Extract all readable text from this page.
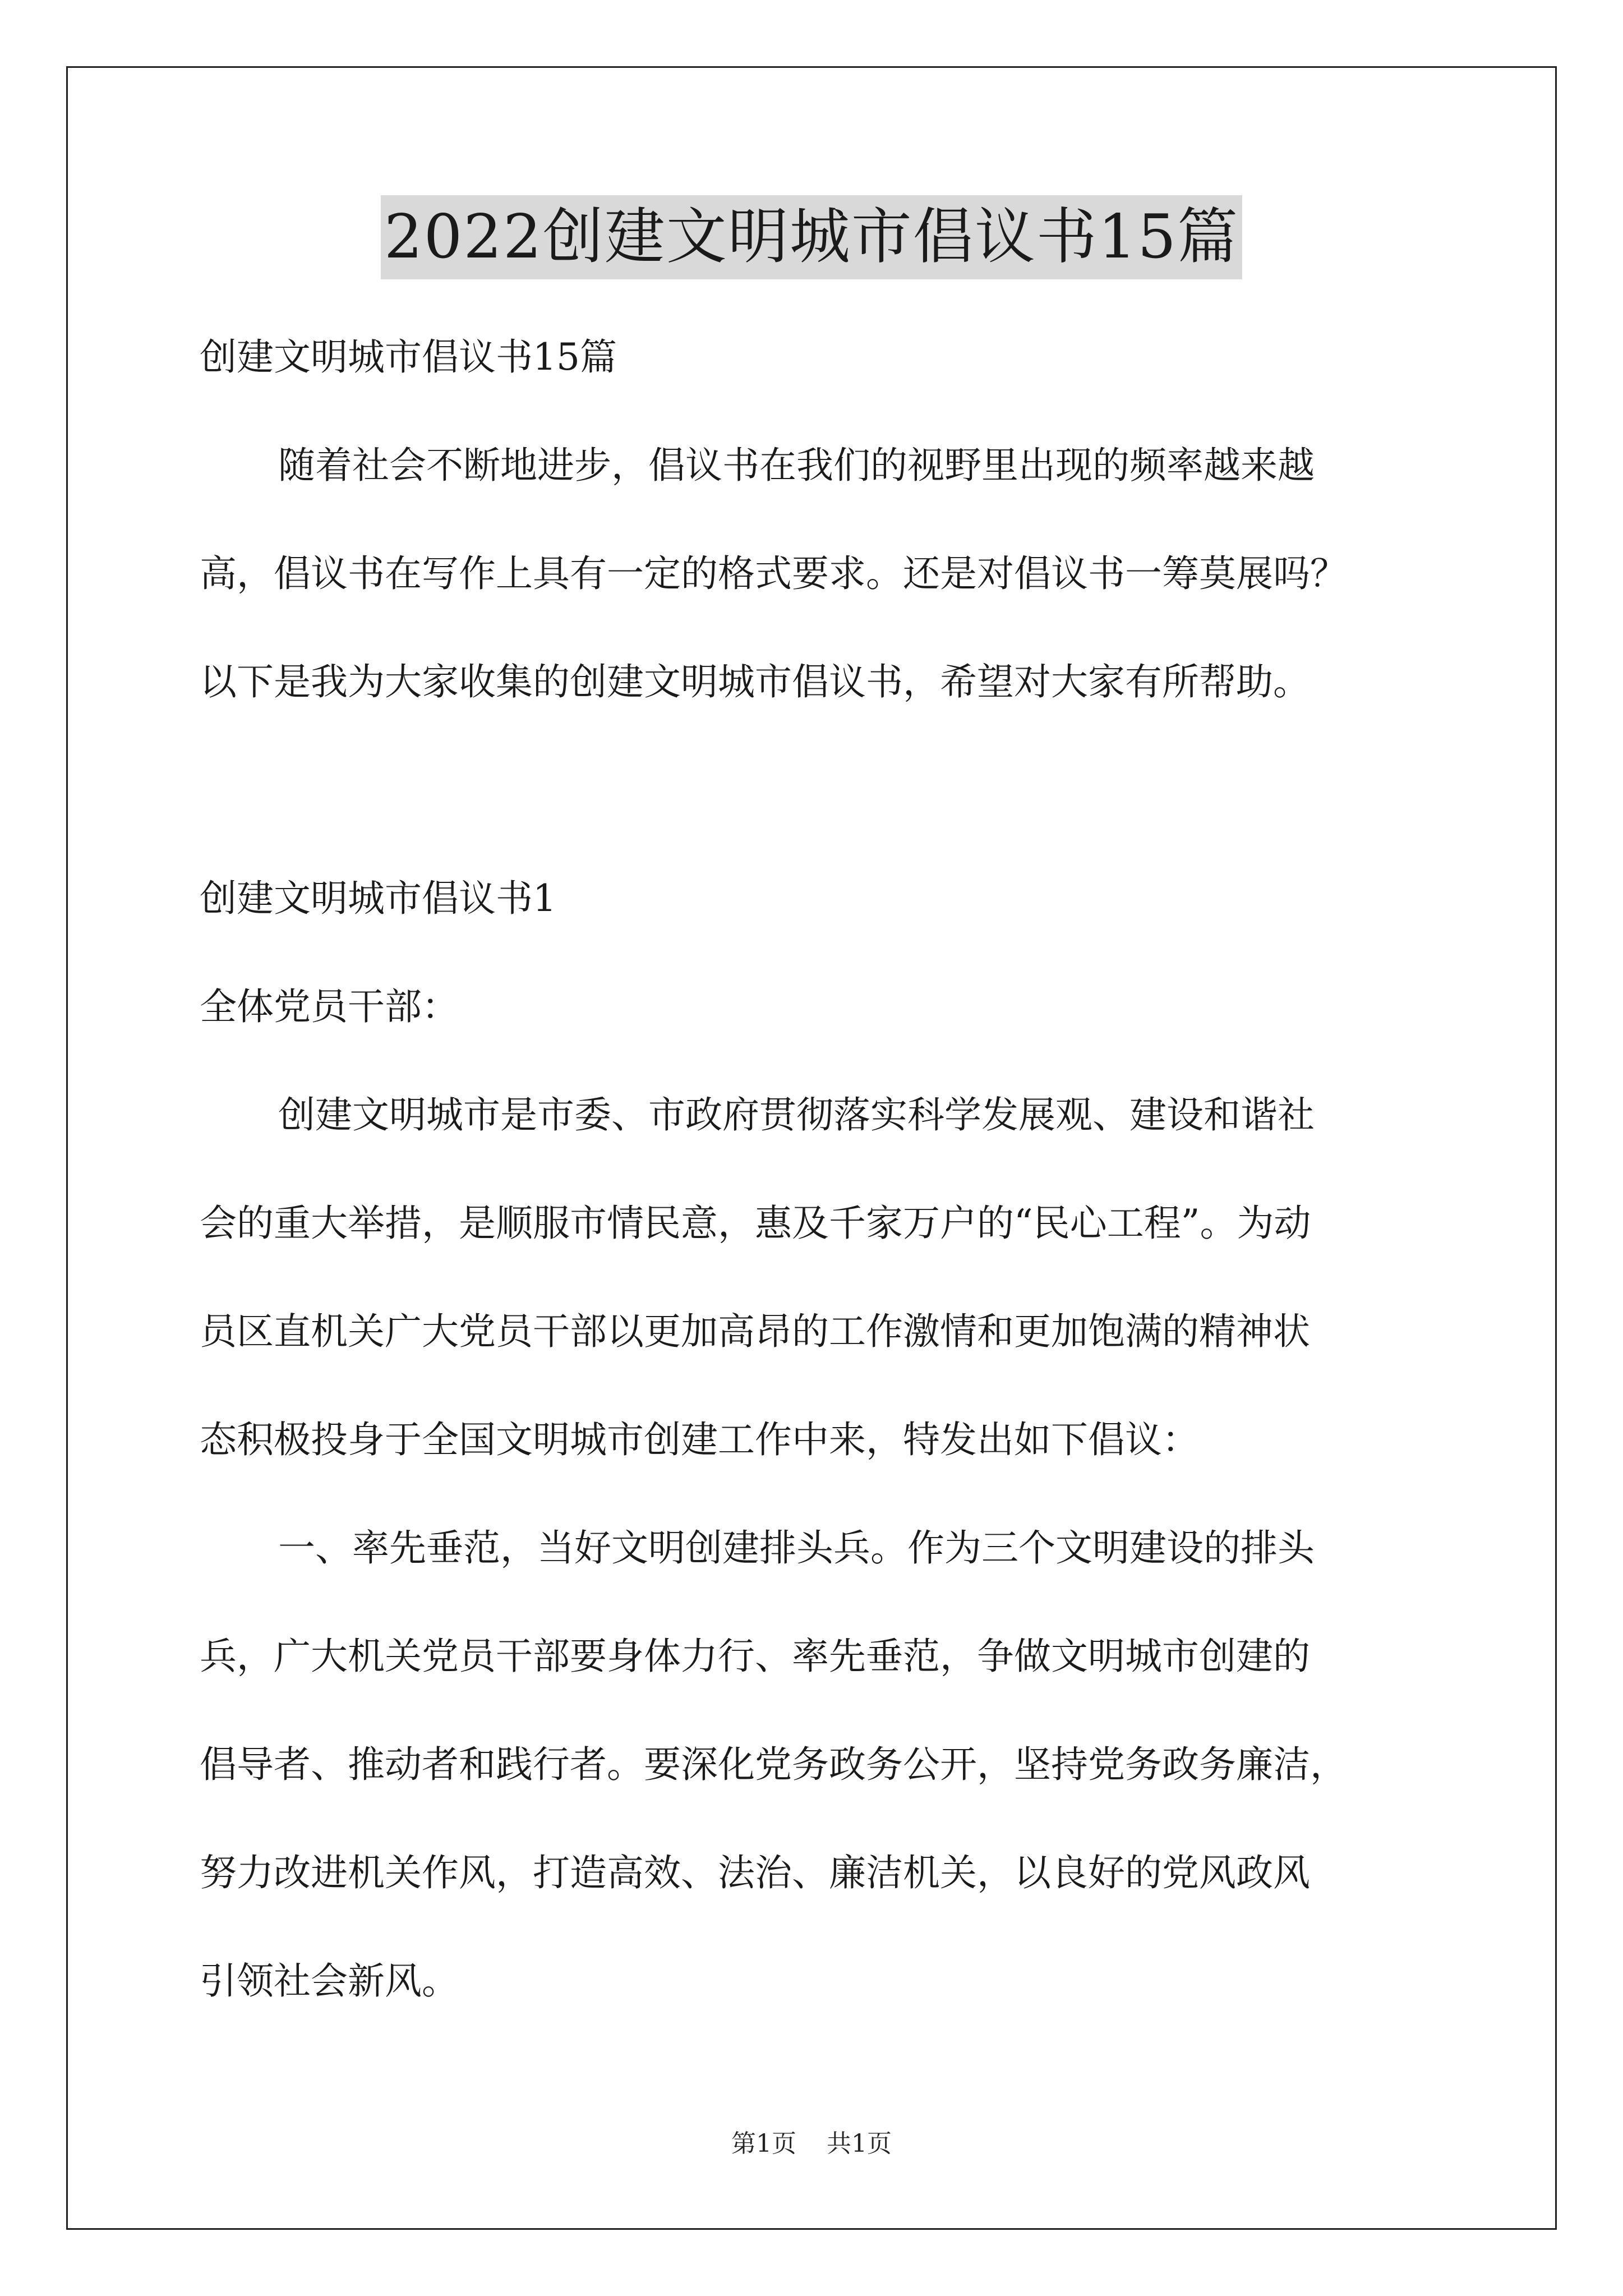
2022创建文明城市倡议书15篇

创建文明城市倡议书15篇

随着社会不断地进步，倡议书在我们的视野里出现的频率越来越

高，倡议书在写作上具有一定的格式要求。还是对倡议书一筹莫展吗？

以下是我为大家收集的创建文明城市倡议书，希望对大家有所帮助。

创建文明城市倡议书1

全体党员干部：

创建文明城市是市委、市政府贯彻落实科学发展观、建设和谐社

会的重大举措，是顺服市情民意，惠及千家万户的“民心工程”。为动

员区直机关广大党员干部以更加高昂的工作激情和更加饱满的精神状

态积极投身于全国文明城市创建工作中来，特发出如下倡议：

一、率先垂范，当好文明创建排头兵。作为三个文明建设的排头

兵，广大机关党员干部要身体力行、率先垂范，争做文明城市创建的

倡导者、推动者和践行者。要深化党务政务公开，坚持党务政务廉洁，

努力改进机关作风，打造高效、法治、廉洁机关，以良好的党风政风

引领社会新风。

第1页 共1页
